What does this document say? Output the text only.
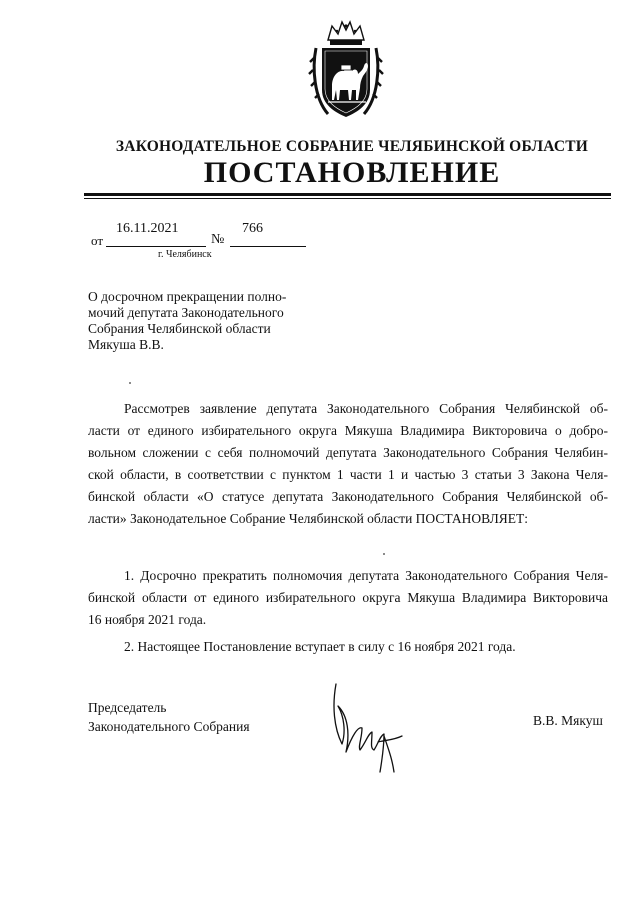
ЗАКОНОДАТЕЛЬНОЕ СОБРАНИЕ ЧЕЛЯБИНСКОЙ ОБЛАСТИ
ПОСТАНОВЛЕНИЕ
от
16.11.2021
№
766
г. Челябинск
О досрочном прекращении полно-
мочий депутата Законодательного
Собрания Челябинской области
Мякуша В.В.
Рассмотрев заявление депутата Законодательного Собрания Челябинской об-
ласти от единого избирательного округа Мякуша Владимира Викторовича о добро-
вольном сложении с себя полномочий депутата Законодательного Собрания Челябин-
ской области, в соответствии с пунктом 1 части 1 и частью 3 статьи 3 Закона Челя-
бинской области «О статусе депутата Законодательного Собрания Челябинской об-
ласти» Законодательное Собрание Челябинской области ПОСТАНОВЛЯЕТ:
1. Досрочно прекратить полномочия депутата Законодательного Собрания Челя-
бинской области от единого избирательного округа Мякуша Владимира Викторовича
16 ноября 2021 года.
2. Настоящее Постановление вступает в силу с 16 ноября 2021 года.
Председатель
Законодательного Собрания	В.В. Мякуш
